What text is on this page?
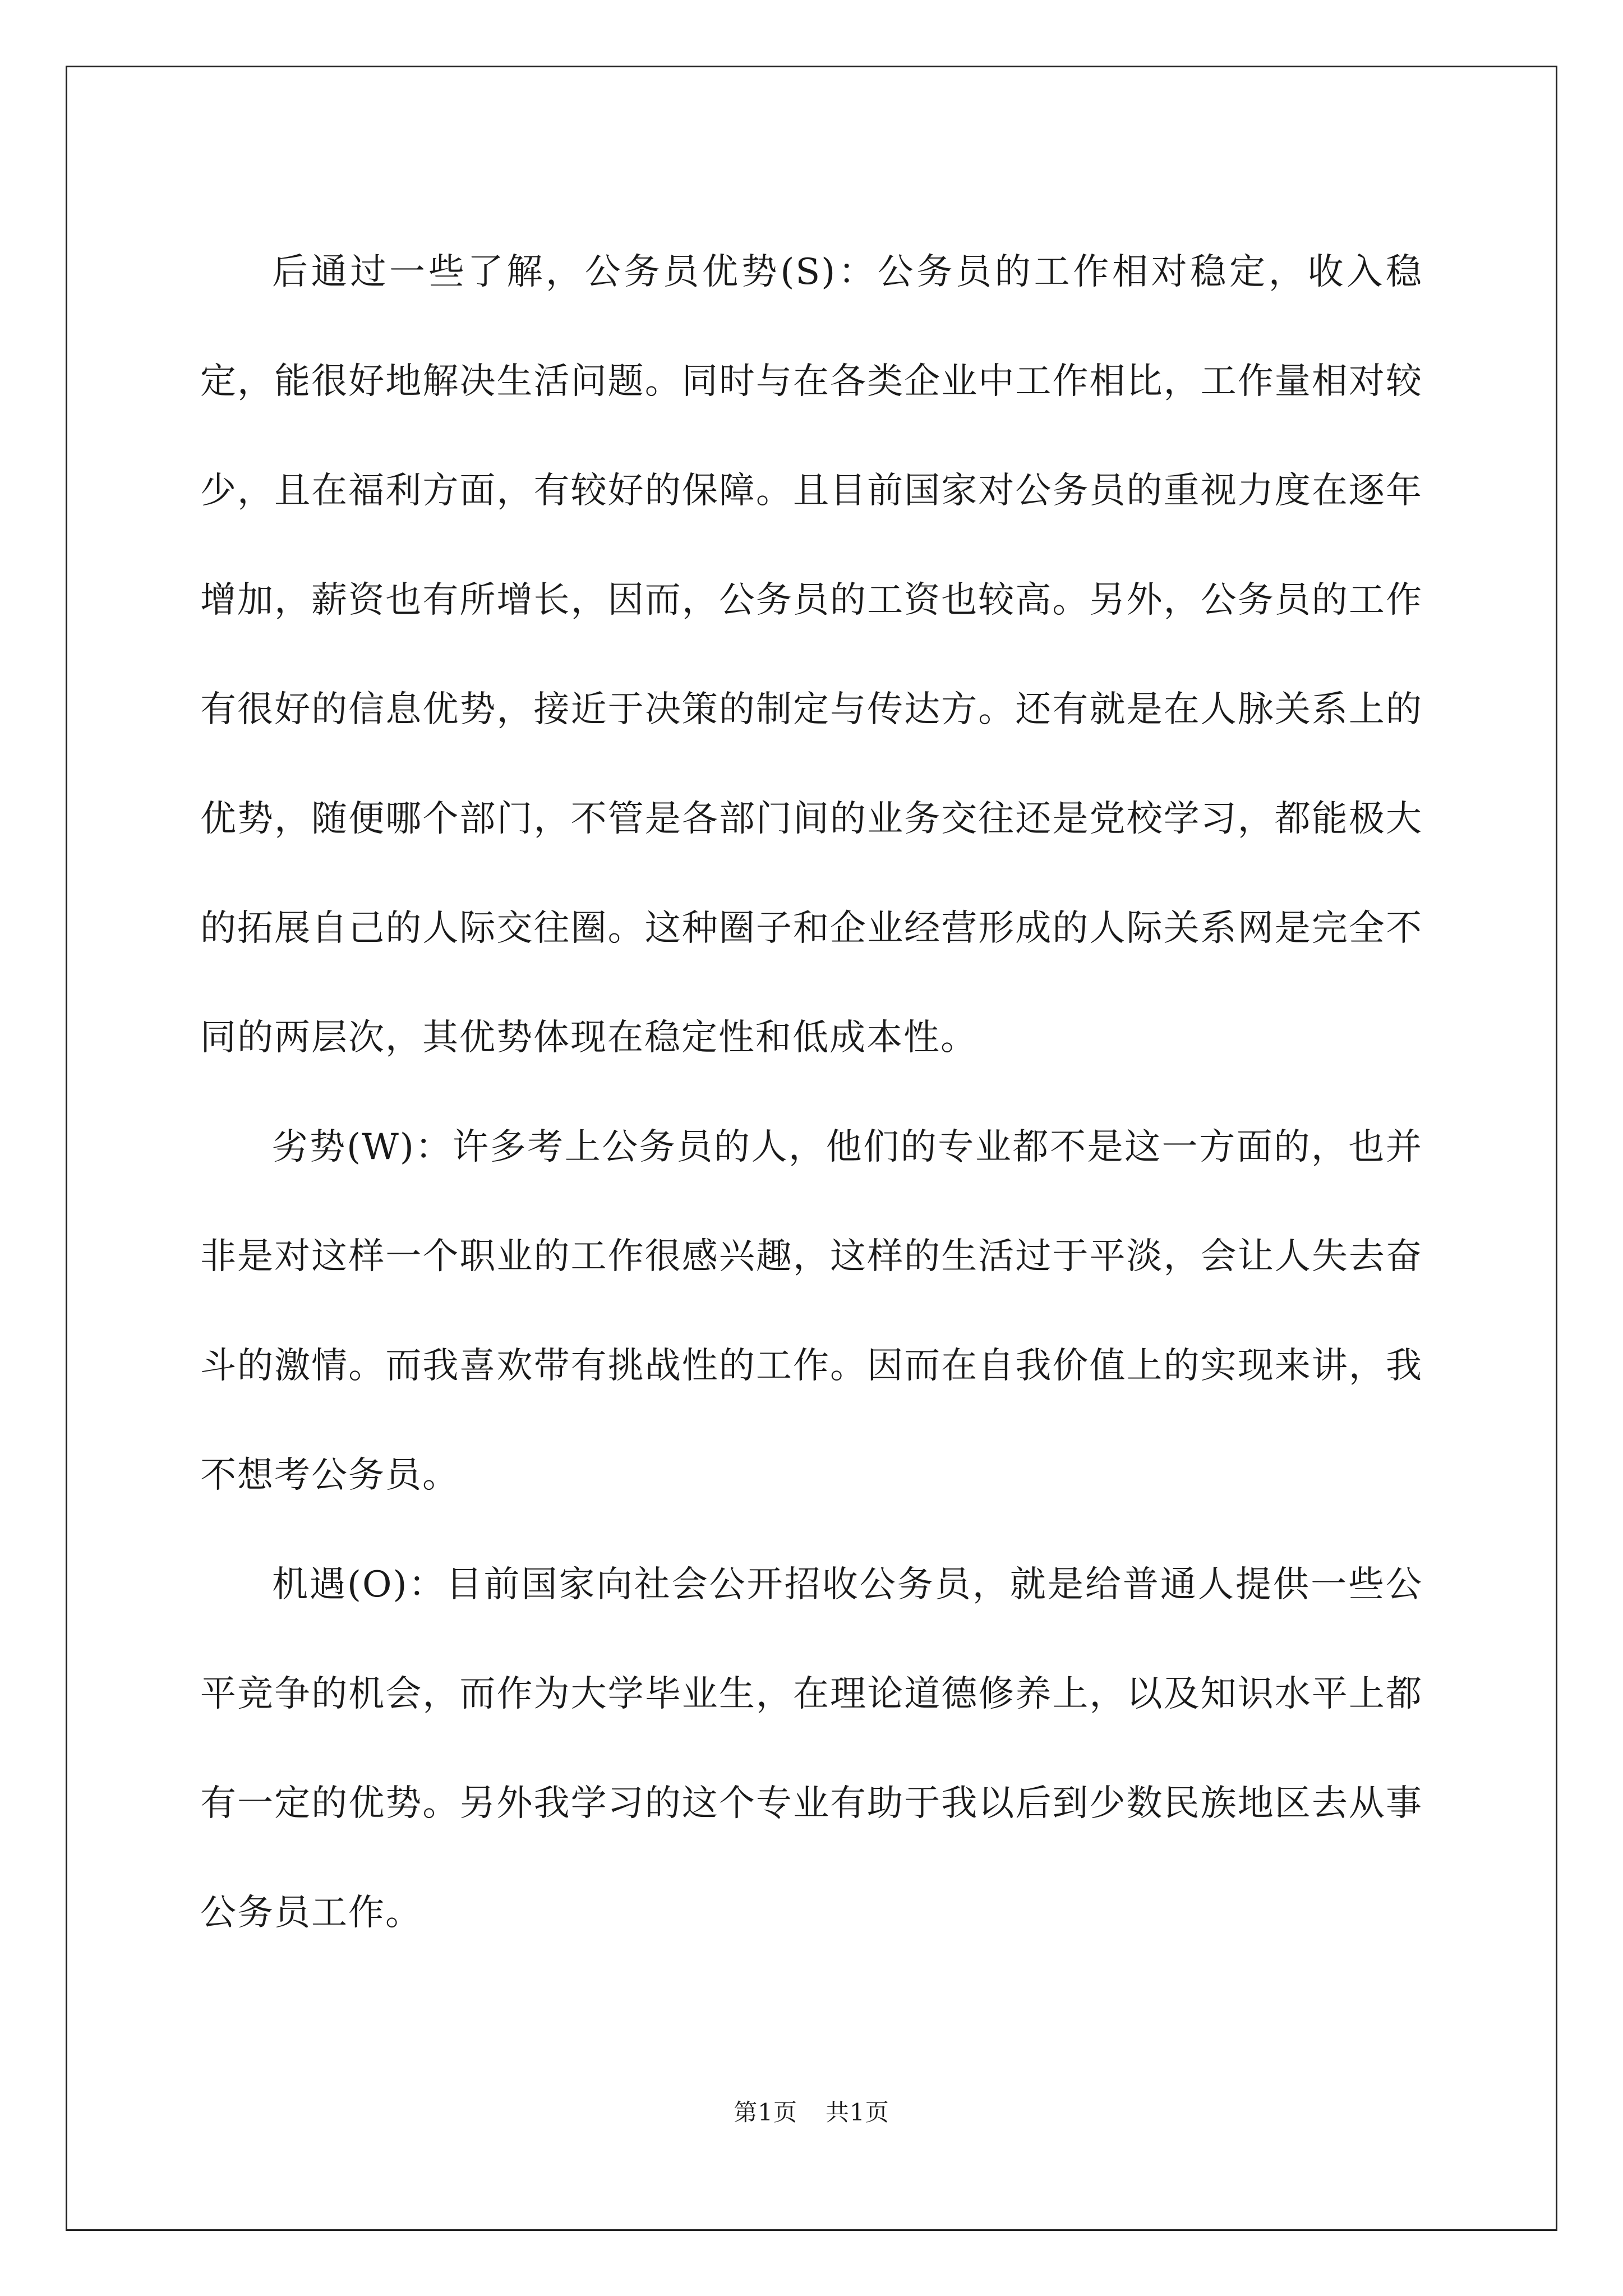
后通过一些了解，公务员优势(S)：公务员的工作相对稳定，收入稳定，能很好地解决生活问题。同时与在各类企业中工作相比，工作量相对较少，且在福利方面，有较好的保障。且目前国家对公务员的重视力度在逐年增加，薪资也有所增长，因而，公务员的工资也较高。另外，公务员的工作有很好的信息优势，接近于决策的制定与传达方。还有就是在人脉关系上的优势，随便哪个部门，不管是各部门间的业务交往还是党校学习，都能极大的拓展自己的人际交往圈。这种圈子和企业经营形成的人际关系网是完全不同的两层次，其优势体现在稳定性和低成本性。

劣势(W)：许多考上公务员的人，他们的专业都不是这一方面的，也并非是对这样一个职业的工作很感兴趣，这样的生活过于平淡，会让人失去奋斗的激情。而我喜欢带有挑战性的工作。因而在自我价值上的实现来讲，我不想考公务员。

机遇(O)：目前国家向社会公开招收公务员，就是给普通人提供一些公平竞争的机会，而作为大学毕业生，在理论道德修养上，以及知识水平上都有一定的优势。另外我学习的这个专业有助于我以后到少数民族地区去从事公务员工作。

第1页 共1页
